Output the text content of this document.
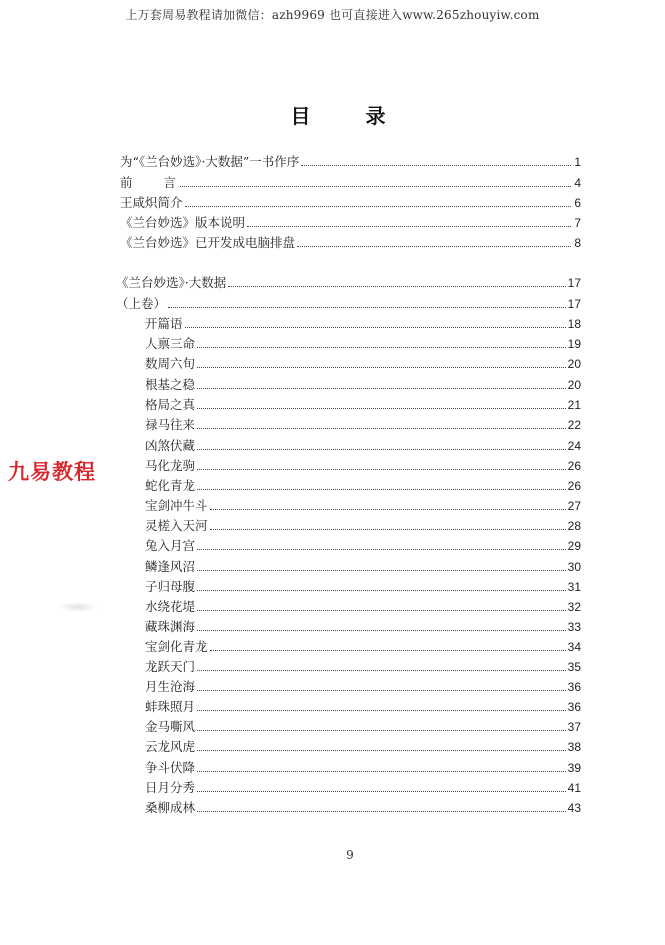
上万套周易教程请加微信：azh9969 也可直接进入www.265zhouyiw.com
目 录
为“《兰台妙选》·大数据”一书作序	1
前　　言	4
王咸炽简介	6
《兰台妙选》版本说明	7
《兰台妙选》已开发成电脑排盘	8
《兰台妙选》·大数据	17
（上卷）	17
开篇语	18
人禀三命	19
数周六旬	20
根基之稳	20
格局之真	21
禄马往来	22
凶煞伏藏	24
马化龙驹	26
蛇化青龙	26
宝剑冲牛斗	27
灵槎入天河	28
兔入月宫	29
鳞逢风沼	30
子归母腹	31
水绕花堤	32
藏珠渊海	33
宝剑化青龙	34
龙跃天门	35
月生沧海	36
蚌珠照月	36
金马嘶风	37
云龙风虎	38
争斗伏降	39
日月分秀	41
桑柳成林	43
九易教程
9
